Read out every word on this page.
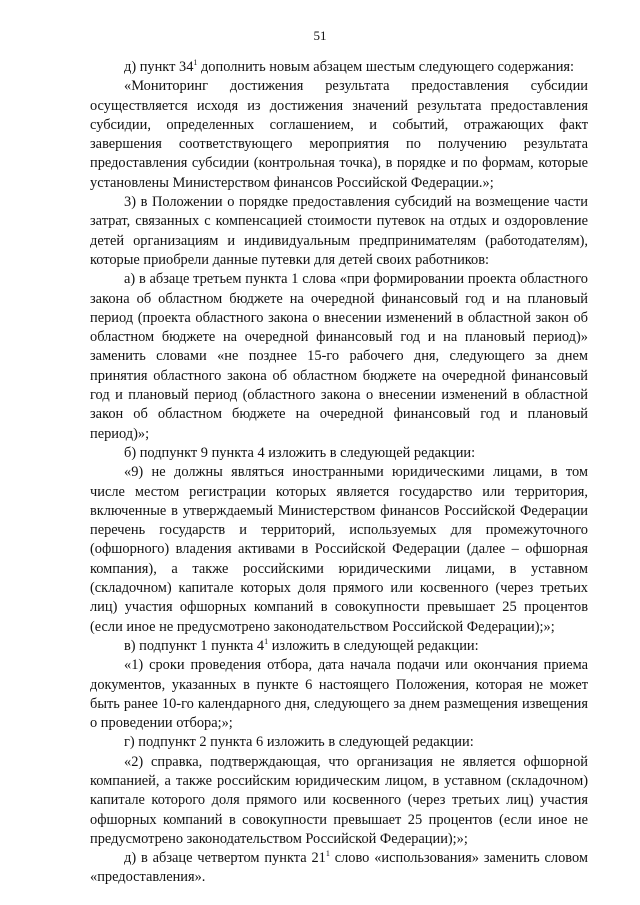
51

д) пункт $34^1$ дополнить новым абзацем шестым следующего содержания:

«Мониторинг достижения результата предоставления субсидии осуществляется исходя из достижения значений результата предоставления субсидии, определенных соглашением, и событий, отражающих факт завершения соответствующего мероприятия по получению результата предоставления субсидии (контрольная точка), в порядке и по формам, которые установлены Министерством финансов Российской Федерации.»;

3) в Положении о порядке предоставления субсидий на возмещение части затрат, связанных с компенсацией стоимости путевок на отдых и оздоровление детей организациям и индивидуальным предпринимателям (работодателям), которые приобрели данные путевки для детей своих работников:

а) в абзаце третьем пункта 1 слова «при формировании проекта областного закона об областном бюджете на очередной финансовый год и на плановый период (проекта областного закона о внесении изменений в областной закон об областном бюджете на очередной финансовый год и на плановый период)» заменить словами «не позднее 15-го рабочего дня, следующего за днем принятия областного закона об областном бюджете на очередной финансовый год и плановый период (областного закона о внесении изменений в областной закон об областном бюджете на очередной финансовый год и плановый период)»;

б) подпункт 9 пункта 4 изложить в следующей редакции:

«9) не должны являться иностранными юридическими лицами, в том числе местом регистрации которых является государство или территория, включенные в утверждаемый Министерством финансов Российской Федерации перечень государств и территорий, используемых для промежуточного (офшорного) владения активами в Российской Федерации (далее – офшорная компания), а также российскими юридическими лицами, в уставном (складочном) капитале которых доля прямого или косвенного (через третьих лиц) участия офшорных компаний в совокупности превышает 25 процентов (если иное не предусмотрено законодательством Российской Федерации);»;

в) подпункт 1 пункта $4^1$ изложить в следующей редакции:

«1) сроки проведения отбора, дата начала подачи или окончания приема документов, указанных в пункте 6 настоящего Положения, которая не может быть ранее 10-го календарного дня, следующего за днем размещения извещения о проведении отбора;»;

г) подпункт 2 пункта 6 изложить в следующей редакции:

«2) справка, подтверждающая, что организация не является офшорной компанией, а также российским юридическим лицом, в уставном (складочном) капитале которого доля прямого или косвенного (через третьих лиц) участия офшорных компаний в совокупности превышает 25 процентов (если иное не предусмотрено законодательством Российской Федерации);»;

д) в абзаце четвертом пункта $21^1$ слово «использования» заменить словом «предоставления».
